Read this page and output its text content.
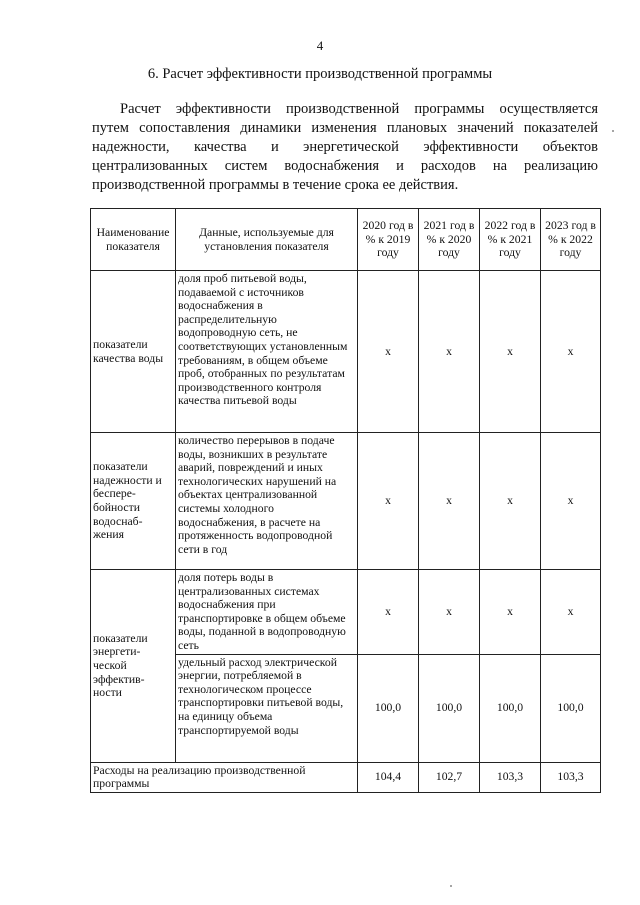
4
6. Расчет эффективности производственной программы
Расчет эффективности производственной программы осуществляется
путем сопоставления динамики изменения плановых значений показателей
надежности, качества и энергетической эффективности объектов
централизованных систем водоснабжения и расходов на реализацию
производственной программы в течение срока ее действия.
Наименование показателя	Данные, используемые для установления показателя	2020 год в % к 2019 году	2021 год в % к 2020 году	2022 год в % к 2021 году	2023 год в % к 2022 году
показатели качества воды	доля проб питьевой воды, подаваемой с источников водоснабжения в распределительную водопроводную сеть, не соответствующих установленным требованиям, в общем объеме проб, отобранных по результатам производственного контроля качества питьевой воды	х	х	х	х
показатели надежности и беспере-бойности водоснаб-жения	количество перерывов в подаче воды, возникших в результате аварий, повреждений и иных технологических нарушений на объектах централизованной системы холодного водоснабжения, в расчете на протяженность водопроводной сети в год	х	х	х	х
показатели энергети-ческой эффектив-ности	доля потерь воды в централизованных системах водоснабжения при транспортировке в общем объеме воды, поданной в водопроводную сеть	х	х	х	х
	удельный расход электрической энергии, потребляемой в технологическом процессе транспортировки питьевой воды, на единицу объема транспортируемой воды	100,0	100,0	100,0	100,0
Расходы на реализацию производственной программы		104,4	102,7	103,3	103,3
